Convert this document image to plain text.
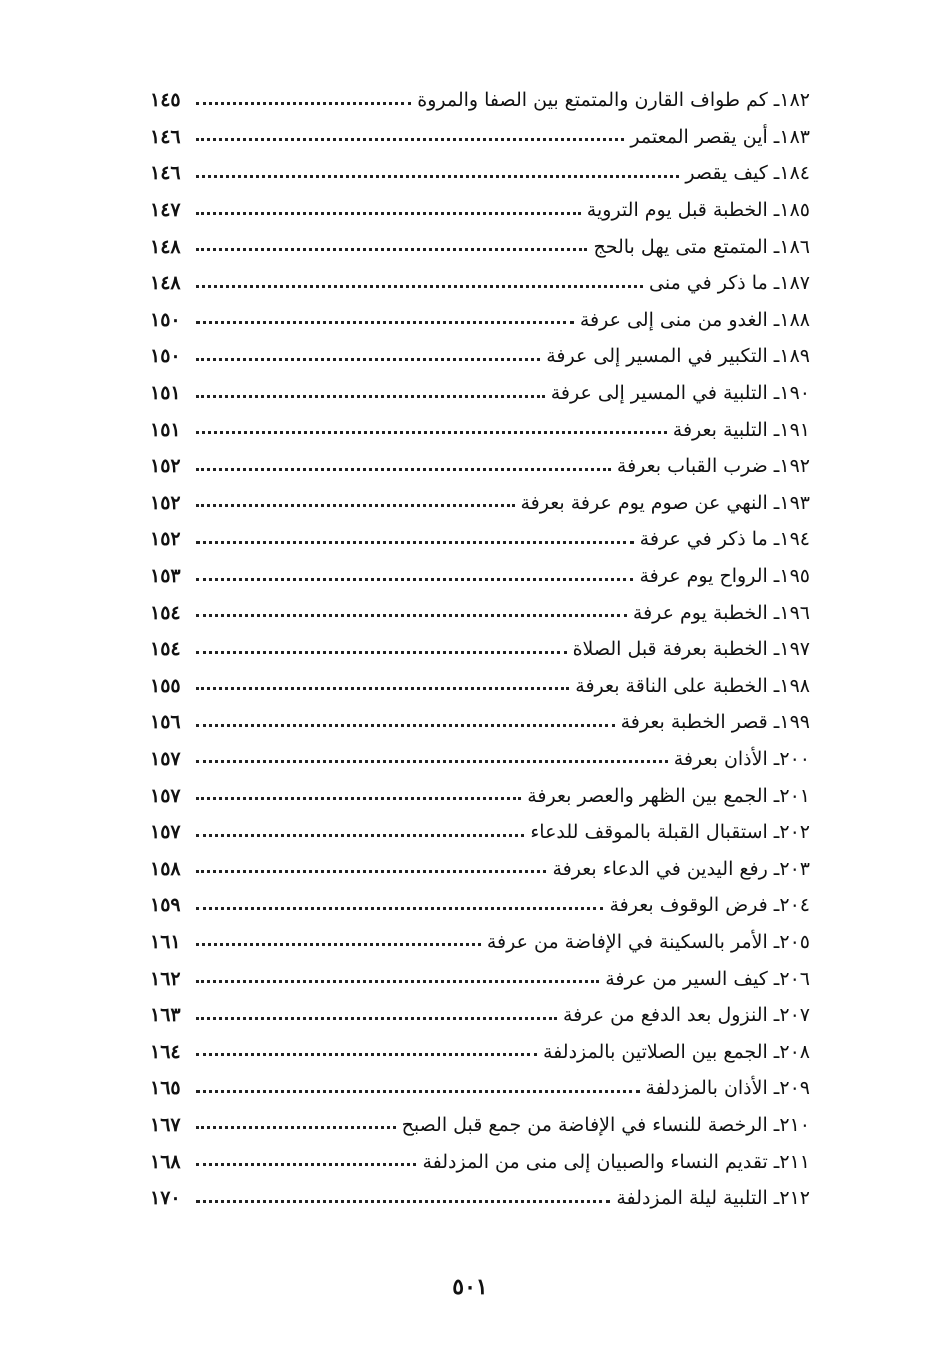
١٤٥	١٨٢ـ كم طواف القارن والمتمتع بين الصفا والمروة
١٤٦	١٨٣ـ أين يقصر المعتمر
١٤٦	١٨٤ـ كيف يقصر
١٤٧	١٨٥ـ الخطبة قبل يوم التروية
١٤٨	١٨٦ـ المتمتع متى يهل بالحج
١٤٨	١٨٧ـ ما ذكر في منى
١٥٠	١٨٨ـ الغدو من منى إلى عرفة
١٥٠	١٨٩ـ التكبير في المسير إلى عرفة
١٥١	١٩٠ـ التلبية في المسير إلى عرفة
١٥١	١٩١ـ التلبية بعرفة
١٥٢	١٩٢ـ ضرب القباب بعرفة
١٥٢	١٩٣ـ النهي عن صوم يوم عرفة بعرفة
١٥٢	١٩٤ـ ما ذكر في عرفة
١٥٣	١٩٥ـ الرواح يوم عرفة
١٥٤	١٩٦ـ الخطبة يوم عرفة
١٥٤	١٩٧ـ الخطبة بعرفة قبل الصلاة
١٥٥	١٩٨ـ الخطبة على الناقة بعرفة
١٥٦	١٩٩ـ قصر الخطبة بعرفة
١٥٧	٢٠٠ـ الأذان بعرفة
١٥٧	٢٠١ـ الجمع بين الظهر والعصر بعرفة
١٥٧	٢٠٢ـ استقبال القبلة بالموقف للدعاء
١٥٨	٢٠٣ـ رفع اليدين في الدعاء بعرفة
١٥٩	٢٠٤ـ فرض الوقوف بعرفة
١٦١	٢٠٥ـ الأمر بالسكينة في الإفاضة من عرفة
١٦٢	٢٠٦ـ كيف السير من عرفة
١٦٣	٢٠٧ـ النزول بعد الدفع من عرفة
١٦٤	٢٠٨ـ الجمع بين الصلاتين بالمزدلفة
١٦٥	٢٠٩ـ الأذان بالمزدلفة
١٦٧	٢١٠ـ الرخصة للنساء في الإفاضة من جمع قبل الصبح
١٦٨	٢١١ـ تقديم النساء والصبيان إلى منى من المزدلفة
١٧٠	٢١٢ـ التلبية ليلة المزدلفة
٥٠١
